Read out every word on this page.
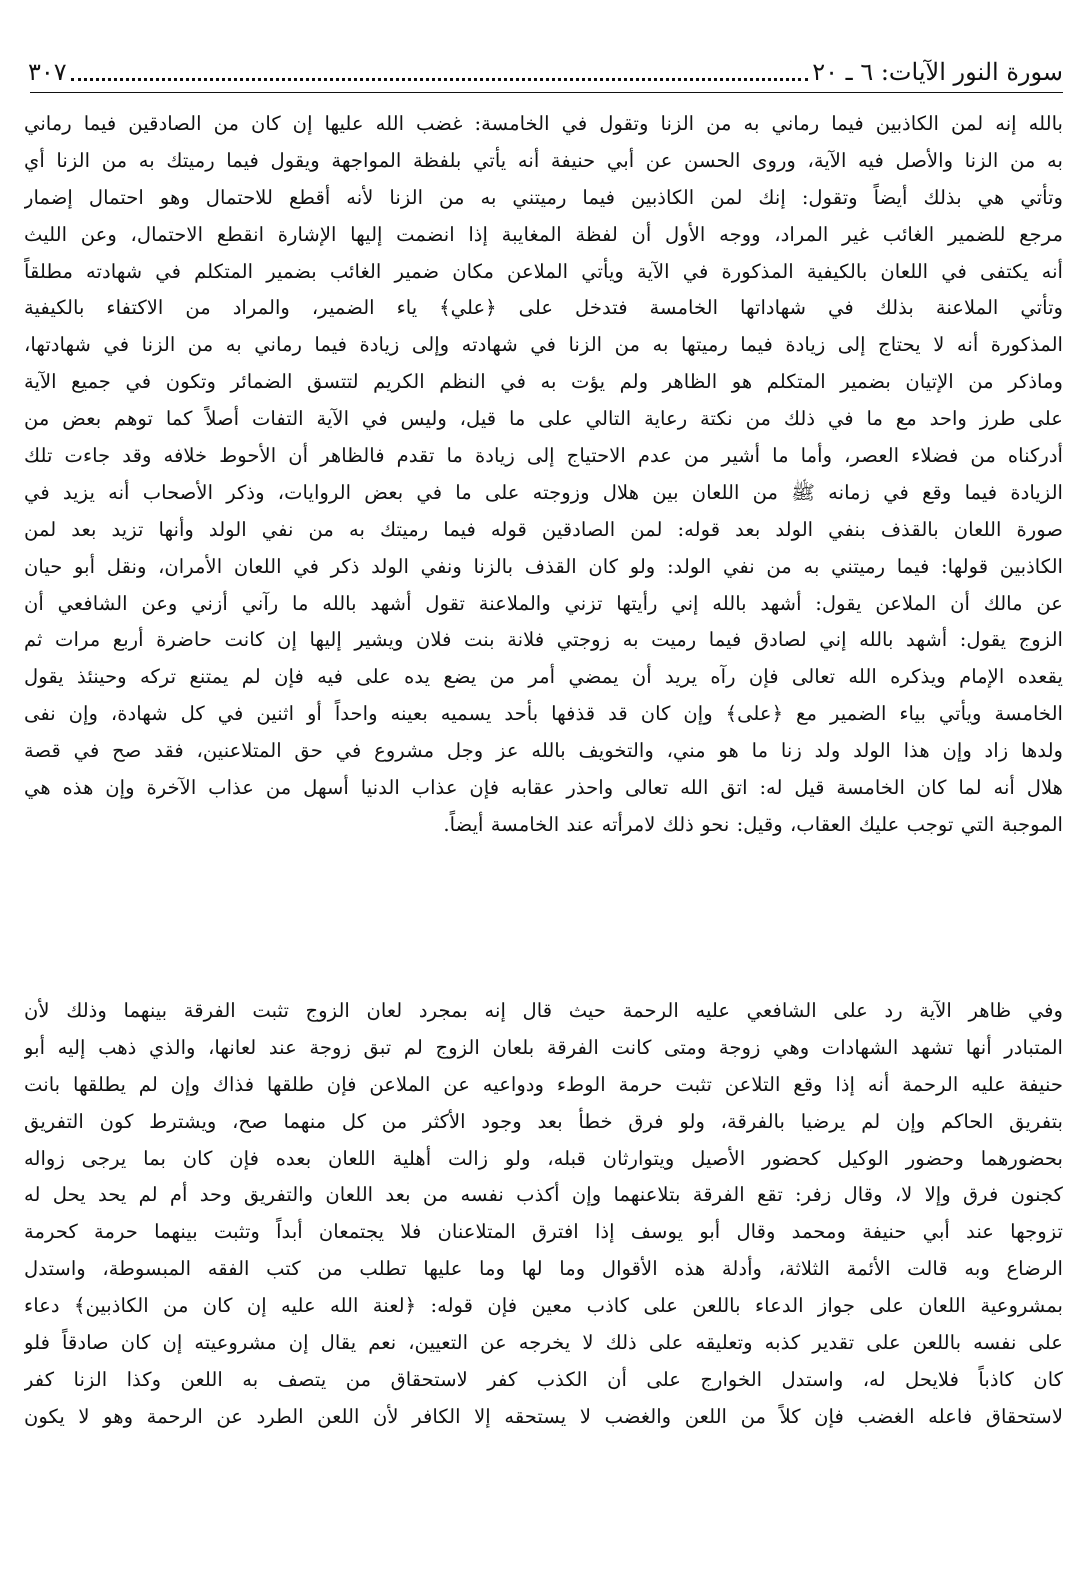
سورة النور الآيات: ٦ ـ ٢٠
٣٠٧
بالله إنه لمن الكاذبين فيما رماني به من الزنا وتقول في الخامسة: غضب الله عليها إن كان من الصادقين فيما رماني
به من الزنا والأصل فيه الآية، وروى الحسن عن أبي حنيفة أنه يأتي بلفظة المواجهة ويقول فيما رميتك به من الزنا أي
وتأتي هي بذلك أيضاً وتقول: إنك لمن الكاذبين فيما رميتني به من الزنا لأنه أقطع للاحتمال وهو احتمال إضمار
مرجع للضمير الغائب غير المراد، ووجه الأول أن لفظة المغايبة إذا انضمت إليها الإشارة انقطع الاحتمال، وعن الليث
أنه يكتفى في اللعان بالكيفية المذكورة في الآية ويأتي الملاعن مكان ضمير الغائب بضمير المتكلم في شهادته مطلقاً
وتأتي الملاعنة بذلك في شهاداتها الخامسة فتدخل على ﴿علي﴾ ياء الضمير، والمراد من الاكتفاء بالكيفية
المذكورة أنه لا يحتاج إلى زيادة فيما رميتها به من الزنا في شهادته وإلى زيادة فيما رماني به من الزنا في شهادتها،
وماذكر من الإتيان بضمير المتكلم هو الظاهر ولم يؤت به في النظم الكريم لتتسق الضمائر وتكون في جميع الآية
على طرز واحد مع ما في ذلك من نكتة رعاية التالي على ما قيل، وليس في الآية التفات أصلاً كما توهم بعض من
أدركناه من فضلاء العصر، وأما ما أشير من عدم الاحتياج إلى زيادة ما تقدم فالظاهر أن الأحوط خلافه وقد جاءت تلك
الزيادة فيما وقع في زمانه ﷺ من اللعان بين هلال وزوجته على ما في بعض الروايات، وذكر الأصحاب أنه يزيد في
صورة اللعان بالقذف بنفي الولد بعد قوله: لمن الصادقين قوله فيما رميتك به من نفي الولد وأنها تزيد بعد لمن
الكاذبين قولها: فيما رميتني به من نفي الولد: ولو كان القذف بالزنا ونفي الولد ذكر في اللعان الأمران، ونقل أبو حيان
عن مالك أن الملاعن يقول: أشهد بالله إني رأيتها تزني والملاعنة تقول أشهد بالله ما رآني أزني وعن الشافعي أن
الزوج يقول: أشهد بالله إني لصادق فيما رميت به زوجتي فلانة بنت فلان ويشير إليها إن كانت حاضرة أربع مرات ثم
يقعده الإمام ويذكره الله تعالى فإن رآه يريد أن يمضي أمر من يضع يده على فيه فإن لم يمتنع تركه وحينئذ يقول
الخامسة ويأتي بياء الضمير مع ﴿على﴾ وإن كان قد قذفها بأحد يسميه بعينه واحداً أو اثنين في كل شهادة، وإن نفى
ولدها زاد وإن هذا الولد ولد زنا ما هو مني، والتخويف بالله عز وجل مشروع في حق المتلاعنين، فقد صح في قصة
هلال أنه لما كان الخامسة قيل له: اتق الله تعالى واحذر عقابه فإن عذاب الدنيا أسهل من عذاب الآخرة وإن هذه هي
الموجبة التي توجب عليك العقاب، وقيل: نحو ذلك لامرأته عند الخامسة أيضاً.
وفي ظاهر الآية رد على الشافعي عليه الرحمة حيث قال إنه بمجرد لعان الزوج تثبت الفرقة بينهما وذلك لأن
المتبادر أنها تشهد الشهادات وهي زوجة ومتى كانت الفرقة بلعان الزوج لم تبق زوجة عند لعانها، والذي ذهب إليه أبو
حنيفة عليه الرحمة أنه إذا وقع التلاعن تثبت حرمة الوطء ودواعيه عن الملاعن فإن طلقها فذاك وإن لم يطلقها بانت
بتفريق الحاكم وإن لم يرضيا بالفرقة، ولو فرق خطأ بعد وجود الأكثر من كل منهما صح، ويشترط كون التفريق
بحضورهما وحضور الوكيل كحضور الأصيل ويتوارثان قبله، ولو زالت أهلية اللعان بعده فإن كان بما يرجى زواله
كجنون فرق وإلا لا، وقال زفر: تقع الفرقة بتلاعنهما وإن أكذب نفسه من بعد اللعان والتفريق وحد أم لم يحد يحل له
تزوجها عند أبي حنيفة ومحمد وقال أبو يوسف إذا افترق المتلاعنان فلا يجتمعان أبداً وتثبت بينهما حرمة كحرمة
الرضاع وبه قالت الأئمة الثلاثة، وأدلة هذه الأقوال وما لها وما عليها تطلب من كتب الفقه المبسوطة، واستدل
بمشروعية اللعان على جواز الدعاء باللعن على كاذب معين فإن قوله: ﴿لعنة الله عليه إن كان من الكاذبين﴾ دعاء
على نفسه باللعن على تقدير كذبه وتعليقه على ذلك لا يخرجه عن التعيين، نعم يقال إن مشروعيته إن كان صادقاً فلو
كان كاذباً فلايحل له، واستدل الخوارج على أن الكذب كفر لاستحقاق من يتصف به اللعن وكذا الزنا كفر
لاستحقاق فاعله الغضب فإن كلاً من اللعن والغضب لا يستحقه إلا الكافر لأن اللعن الطرد عن الرحمة وهو لا يكون
